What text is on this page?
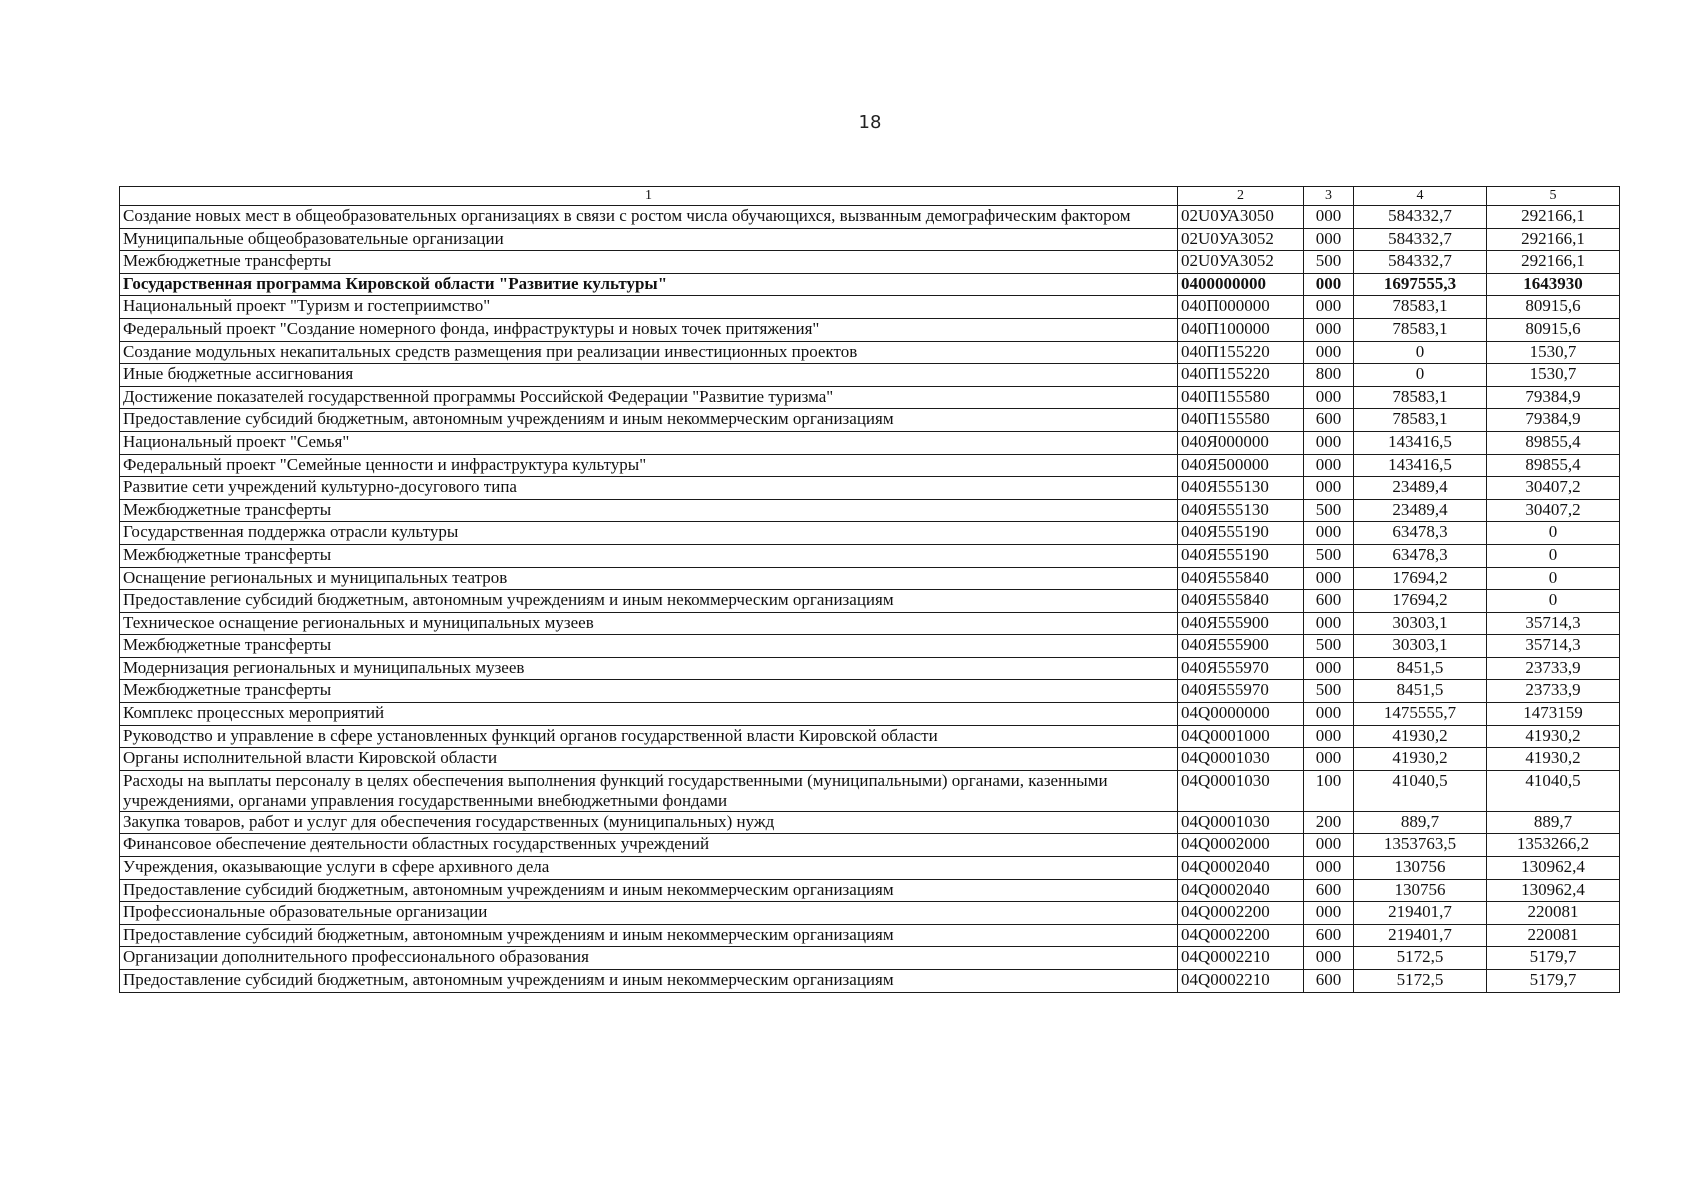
18
1	2	3	4	5
Создание новых мест в общеобразовательных организациях в связи с ростом числа обучающихся, вызванным демографическим фактором	02U0УА3050	000	584332,7	292166,1
Муниципальные общеобразовательные организации	02U0УА3052	000	584332,7	292166,1
Межбюджетные трансферты	02U0УА3052	500	584332,7	292166,1
Государственная программа Кировской области "Развитие культуры"	0400000000	000	1697555,3	1643930
Национальный проект "Туризм и гостеприимство"	040П000000	000	78583,1	80915,6
Федеральный проект "Создание номерного фонда, инфраструктуры и новых точек притяжения"	040П100000	000	78583,1	80915,6
Создание модульных некапитальных средств размещения при реализации инвестиционных проектов	040П155220	000	0	1530,7
Иные бюджетные ассигнования	040П155220	800	0	1530,7
Достижение показателей государственной программы Российской Федерации "Развитие туризма"	040П155580	000	78583,1	79384,9
Предоставление субсидий бюджетным, автономным учреждениям и иным некоммерческим организациям	040П155580	600	78583,1	79384,9
Национальный проект "Семья"	040Я000000	000	143416,5	89855,4
Федеральный проект "Семейные ценности и инфраструктура культуры"	040Я500000	000	143416,5	89855,4
Развитие сети учреждений культурно-досугового типа	040Я555130	000	23489,4	30407,2
Межбюджетные трансферты	040Я555130	500	23489,4	30407,2
Государственная поддержка отрасли культуры	040Я555190	000	63478,3	0
Межбюджетные трансферты	040Я555190	500	63478,3	0
Оснащение региональных и муниципальных театров	040Я555840	000	17694,2	0
Предоставление субсидий бюджетным, автономным учреждениям и иным некоммерческим организациям	040Я555840	600	17694,2	0
Техническое оснащение региональных и муниципальных музеев	040Я555900	000	30303,1	35714,3
Межбюджетные трансферты	040Я555900	500	30303,1	35714,3
Модернизация региональных и муниципальных музеев	040Я555970	000	8451,5	23733,9
Межбюджетные трансферты	040Я555970	500	8451,5	23733,9
Комплекс процессных мероприятий	04Q0000000	000	1475555,7	1473159
Руководство и управление в сфере установленных функций органов государственной власти Кировской области	04Q0001000	000	41930,2	41930,2
Органы исполнительной власти Кировской области	04Q0001030	000	41930,2	41930,2
Расходы на выплаты персоналу в целях обеспечения выполнения функций государственными (муниципальными) органами, казенными учреждениями, органами управления государственными внебюджетными фондами	04Q0001030	100	41040,5	41040,5
Закупка товаров, работ и услуг для обеспечения государственных (муниципальных) нужд	04Q0001030	200	889,7	889,7
Финансовое обеспечение деятельности областных государственных учреждений	04Q0002000	000	1353763,5	1353266,2
Учреждения, оказывающие услуги в сфере архивного дела	04Q0002040	000	130756	130962,4
Предоставление субсидий бюджетным, автономным учреждениям и иным некоммерческим организациям	04Q0002040	600	130756	130962,4
Профессиональные образовательные организации	04Q0002200	000	219401,7	220081
Предоставление субсидий бюджетным, автономным учреждениям и иным некоммерческим организациям	04Q0002200	600	219401,7	220081
Организации дополнительного профессионального образования	04Q0002210	000	5172,5	5179,7
Предоставление субсидий бюджетным, автономным учреждениям и иным некоммерческим организациям	04Q0002210	600	5172,5	5179,7
